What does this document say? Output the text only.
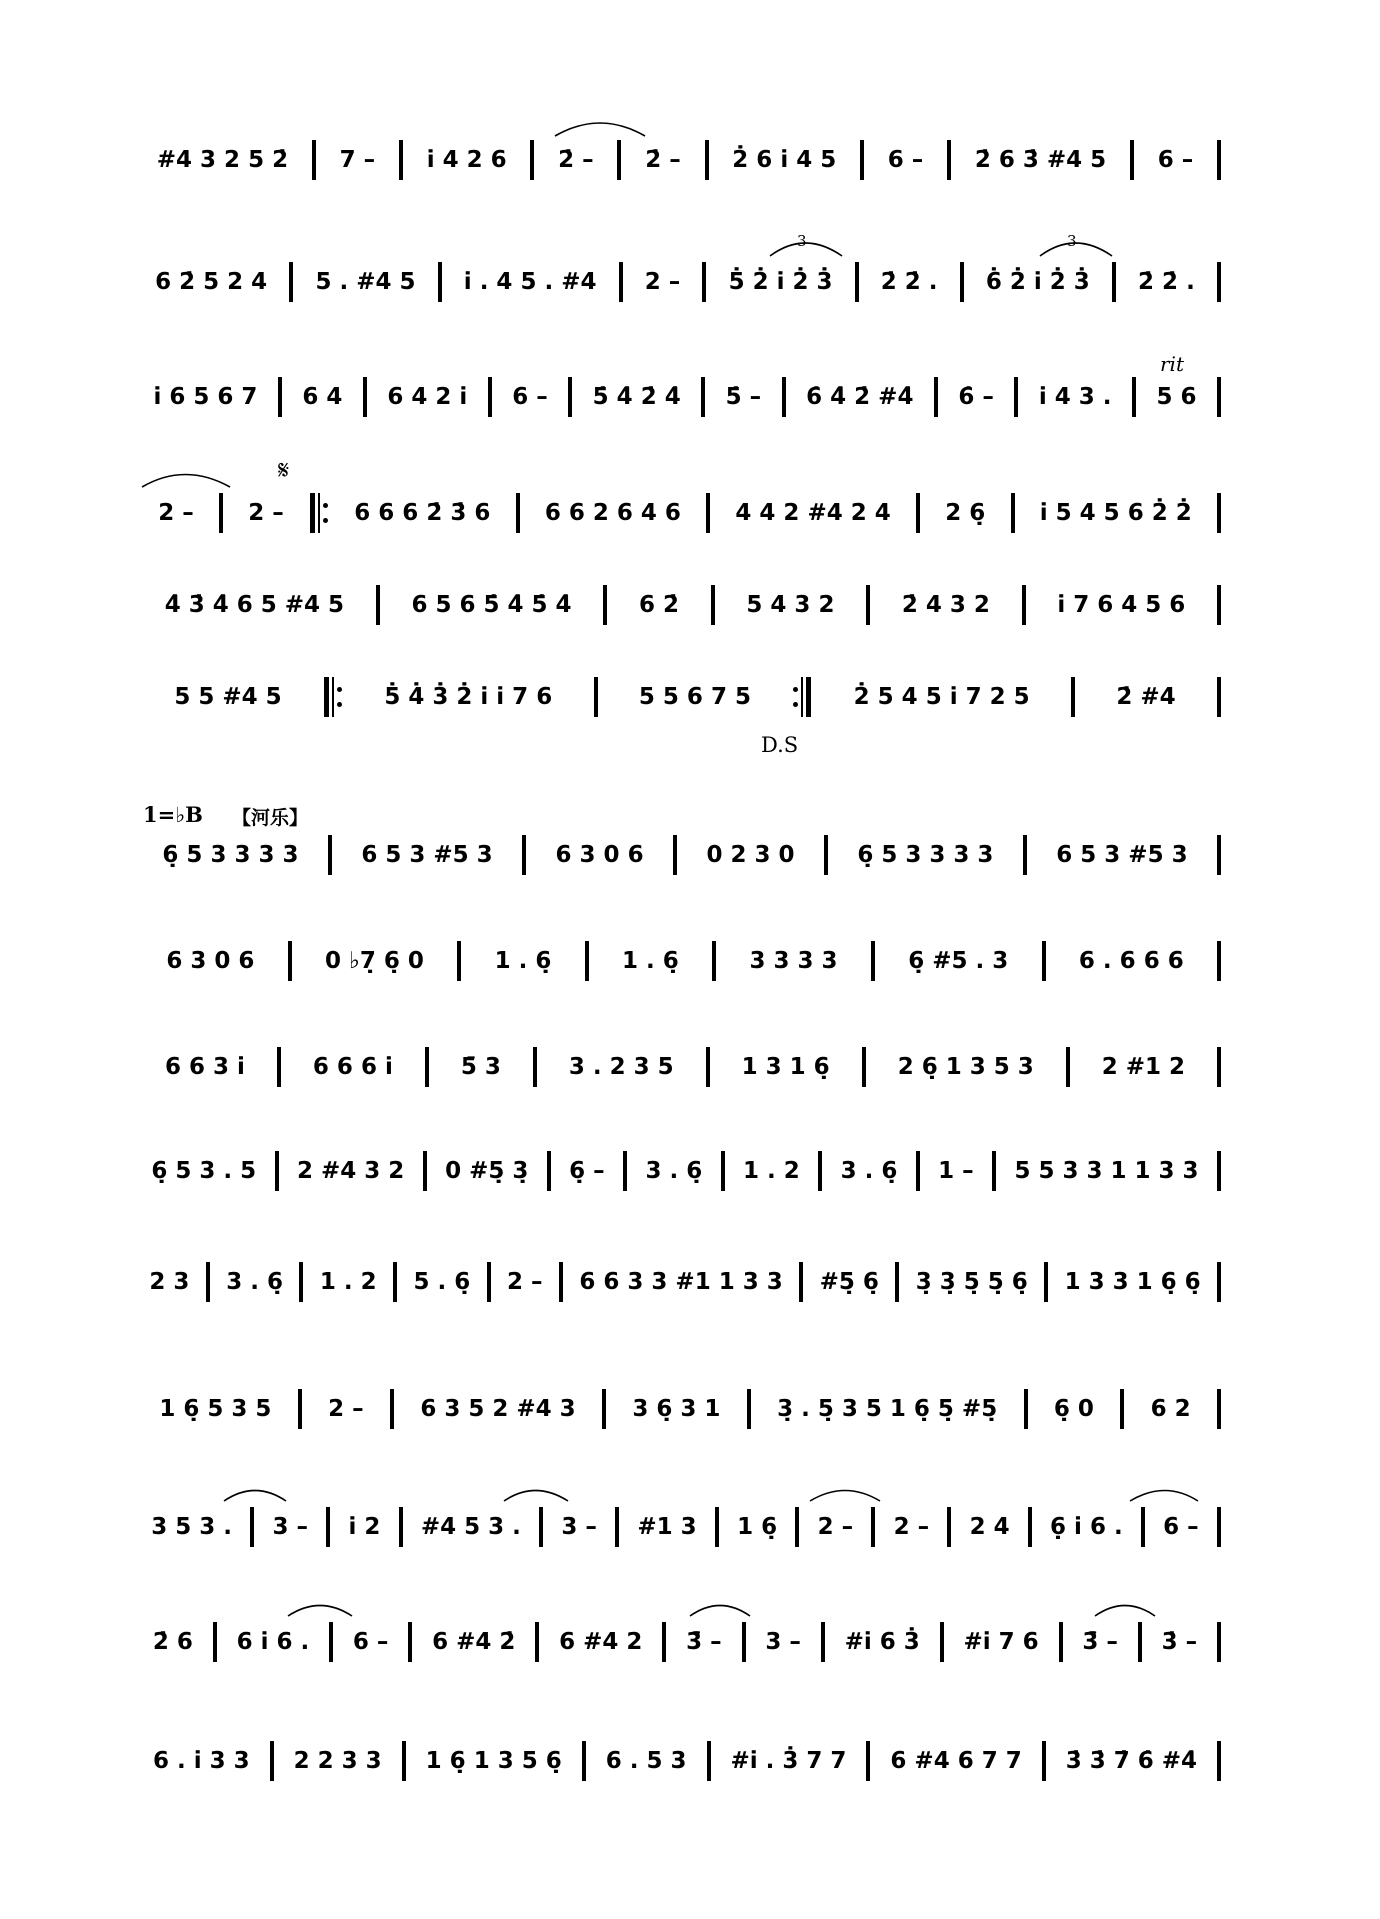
#4 3 2 5 2̇	7 –	i̇ 4 2 6	2̇ –	2̇ –	2̇ 6 i̇ 4 5	6 –	2̇ 6 3̇ #4 5	6 –
6 2̇ 5 2 4	5 . #4 5	i̇ . 4 5 . #4	2 –	5̇ 2̇ i̇ 2̇ 3̇	2̇ 2̇ .	6̇ 2̇ i̇ 2̇ 3̇	2̇ 2̇ .
i̇ 6 5 6 7	6 4	6 4 2 i̇	6 –	5̇ 4̇ 2̇ 4̇	5̇ –	6̇ 4̇ 2̇ #4̇	6̇ –	i̇ 4 3 .	5 6
2 –	2 –	6 6 6 2̇ 3̇ 6	6 6 2 6 4 6	4 4 2 #4 2 4	2 6̣	i̇ 5 4 5 6 2̇ 2̇
4̇ 3̇ 4̇ 6 5 #4 5	6 5 6 5̇ 4̇ 5̇ 4̇	6 2̇	5 4 3 2	2̇ 4 3 2	i̇ 7 6 4 5 6
5 5 #4 5	5̇ 4̇ 3̇ 2̇ i̇ i̇ 7 6	5 5 6 7 5	2̇ 5 4 5 i̇ 7 2 5	2̇ #4
6̣ 5 3 3 3 3	6 5 3 #5 3	6 3 0 6	0 2 3 0	6̣ 5 3 3 3 3	6 5 3 #5 3
6 3 0 6	0 ♭7̣ 6̣ 0	1 . 6̣	1 . 6̣	3 3 3 3	6̣ #5 . 3	6 . 6 6 6
6 6 3 i̇	6 6 6 i̇	5̄ 3	3 . 2 3 5	1 3 1 6̣	2 6̣ 1 3 5 3	2 #1 2
6̣ 5 3 . 5	2 #4 3 2	0 #5̣ 3̣	6̣ –	3 . 6̣	1 . 2	3 . 6̣	1 –	5 5 3 3 1 1 3 3
2 3	3 . 6̣	1 . 2	5 . 6̣	2 –	6 6 3 3 #1 1 3 3	#5̣ 6̣	3̣ 3̣ 5̣ 5̣ 6̣	1 3 3 1 6̣ 6̣
1 6̣ 5 3 5	2 –	6 3 5 2 #4 3	3 6̣ 3 1	3̣ . 5̣ 3 5 1 6̣ 5̣ #5̣	6̣ 0	6 2
3 5 3 .	3 –	i̇ 2	#4 5 3 .	3 –	#1 3	1 6̣	2 –	2 –	2 4	6̣ i̇ 6 .	6 –
2̇ 6	6 i̇ 6 .	6 –	6 #4 2̇	6 #4 2	3̄̇ –	3 –	#i̇ 6 3̇	#i̇ 7 6	3̄̇ –	3̇ –
6 . i̇ 3 3	2 2 3 3	1 6̣ 1 3 5 6̣	6 . 5 3	#i̇ . 3̇ 7 7	6 #4 6 7 7	3̇ 3̇ 7̇ 6̇ #4̇
rit
𝄋
D.S
1=♭B 【河乐】
3	3
